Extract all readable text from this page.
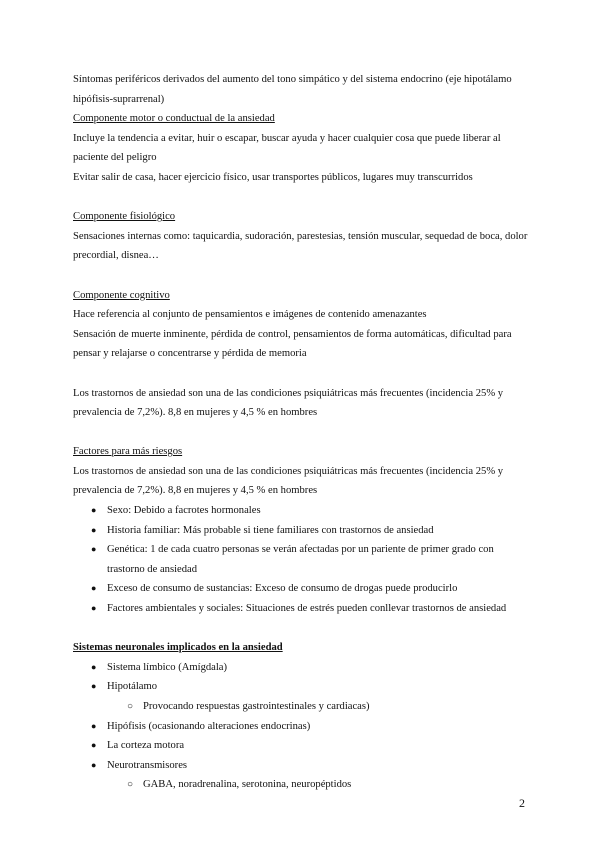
Síntomas periféricos derivados del aumento del tono simpático y del sistema endocrino (eje hipotálamo hipófisis-suprarrenal)

Componente motor o conductual de la ansiedad

Incluye la tendencia a evitar, huir o escapar, buscar ayuda y hacer cualquier cosa que puede liberar al paciente del peligro

Evitar salir de casa, hacer ejercicio físico, usar transportes públicos, lugares muy transcurridos

Componente fisiológico

Sensaciones internas como: taquicardia, sudoración, parestesias, tensión muscular, sequedad de boca, dolor precordial, disnea…

Componente cognitivo

Hace referencia al conjunto de pensamientos e imágenes de contenido amenazantes

Sensación de muerte inminente, pérdida de control, pensamientos de forma automáticas, dificultad para pensar y relajarse o concentrarse y pérdida de memoria

Los trastornos de ansiedad son una de las condiciones psiquiátricas más frecuentes (incidencia 25% y prevalencia de 7,2%). 8,8 en mujeres y 4,5 % en hombres

Factores para más riesgos

Los trastornos de ansiedad son una de las condiciones psiquiátricas más frecuentes (incidencia 25% y prevalencia de 7,2%). 8,8 en mujeres y 4,5 % en hombres

● Sexo: Debido a facrotes hormonales
● Historia familiar: Más probable si tiene familiares con trastornos de ansiedad
● Genética: 1 de cada cuatro personas se verán afectadas por un pariente de primer grado con trastorno de ansiedad
● Exceso de consumo de sustancias: Exceso de consumo de drogas puede producirlo
● Factores ambientales y sociales: Situaciones de estrés pueden conllevar trastornos de ansiedad

Sistemas neuronales implicados en la ansiedad

● Sistema límbico (Amígdala)
● Hipotálamo
○ Provocando respuestas gastrointestinales y cardiacas)
● Hipófisis (ocasionando alteraciones endocrinas)
● La corteza motora
● Neurotransmisores
○ GABA, noradrenalina, serotonina, neuropéptidos
2
